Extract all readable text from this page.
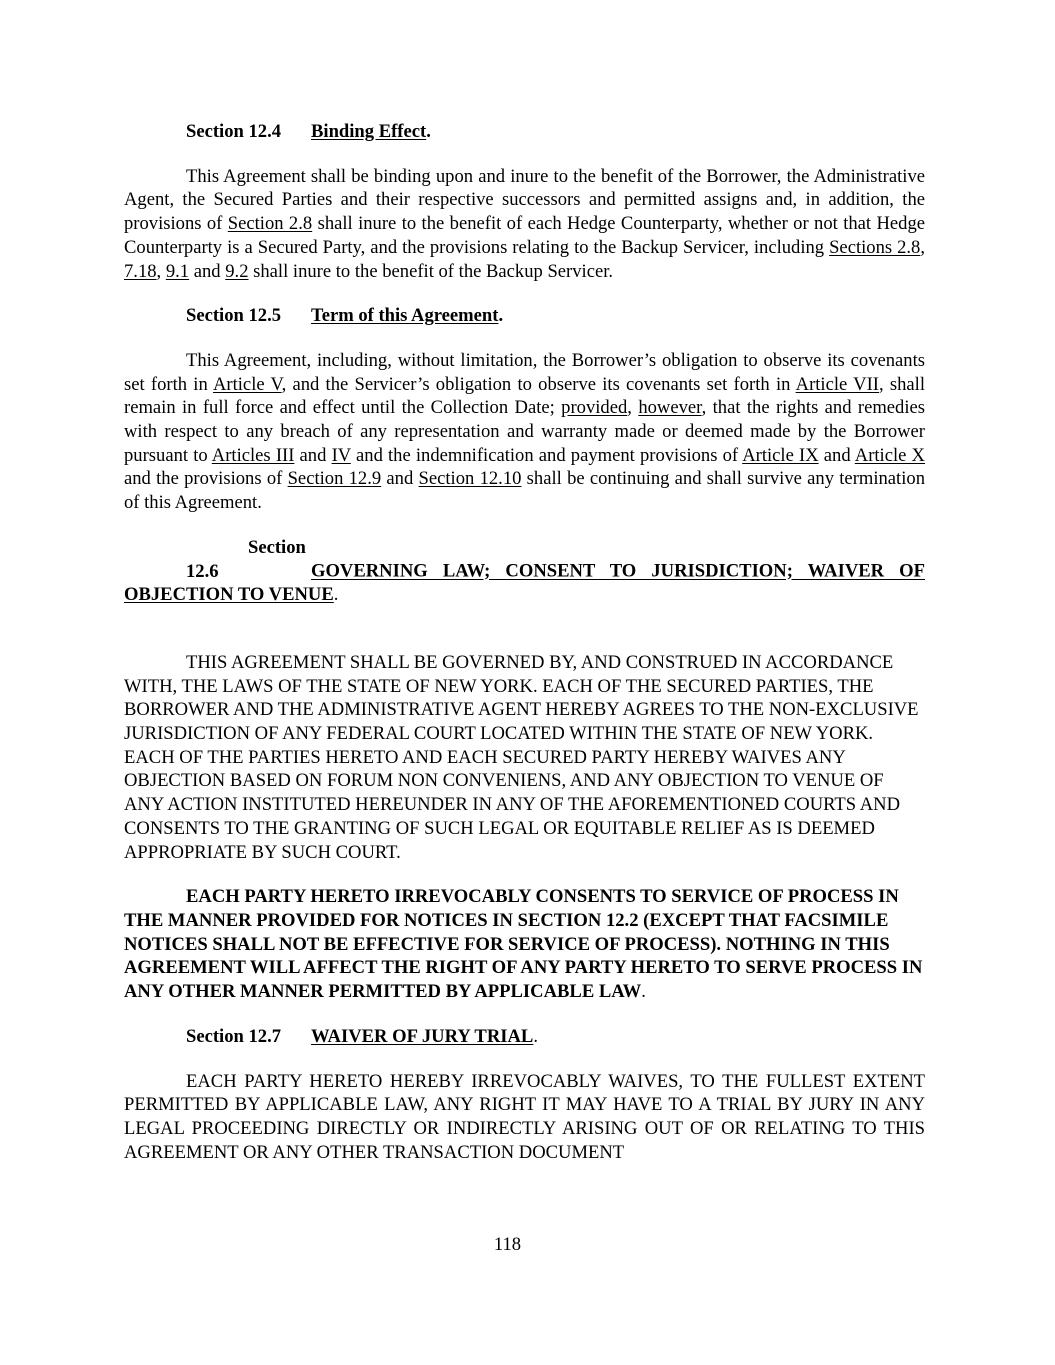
Section 12.4 Binding Effect.

This Agreement shall be binding upon and inure to the benefit of the Borrower, the Administrative Agent, the Secured Parties and their respective successors and permitted assigns and, in addition, the provisions of Section 2.8 shall inure to the benefit of each Hedge Counterparty, whether or not that Hedge Counterparty is a Secured Party, and the provisions relating to the Backup Servicer, including Sections 2.8, 7.18, 9.1 and 9.2 shall inure to the benefit of the Backup Servicer.

Section 12.5 Term of this Agreement.

This Agreement, including, without limitation, the Borrower’s obligation to observe its covenants set forth in Article V, and the Servicer’s obligation to observe its covenants set forth in Article VII, shall remain in full force and effect until the Collection Date; provided, however, that the rights and remedies with respect to any breach of any representation and warranty made or deemed made by the Borrower pursuant to Articles III and IV and the indemnification and payment provisions of Article IX and Article X and the provisions of Section 12.9 and Section 12.10 shall be continuing and shall survive any termination of this Agreement.

Section 12.6	GOVERNING LAW; CONSENT TO JURISDICTION; WAIVER OF OBJECTION TO VENUE.

THIS AGREEMENT SHALL BE GOVERNED BY, AND CONSTRUED IN ACCORDANCE WITH, THE LAWS OF THE STATE OF NEW YORK. EACH OF THE SECURED PARTIES, THE BORROWER AND THE ADMINISTRATIVE AGENT HEREBY AGREES TO THE NON-EXCLUSIVE JURISDICTION OF ANY FEDERAL COURT LOCATED WITHIN THE STATE OF NEW YORK. EACH OF THE PARTIES HERETO AND EACH SECURED PARTY HEREBY WAIVES ANY OBJECTION BASED ON FORUM NON CONVENIENS, AND ANY OBJECTION TO VENUE OF ANY ACTION INSTITUTED HEREUNDER IN ANY OF THE AFOREMENTIONED COURTS AND CONSENTS TO THE GRANTING OF SUCH LEGAL OR EQUITABLE RELIEF AS IS DEEMED APPROPRIATE BY SUCH COURT.

EACH PARTY HERETO IRREVOCABLY CONSENTS TO SERVICE OF PROCESS IN THE MANNER PROVIDED FOR NOTICES IN SECTION 12.2 (EXCEPT THAT FACSIMILE NOTICES SHALL NOT BE EFFECTIVE FOR SERVICE OF PROCESS). NOTHING IN THIS AGREEMENT WILL AFFECT THE RIGHT OF ANY PARTY HERETO TO SERVE PROCESS IN ANY OTHER MANNER PERMITTED BY APPLICABLE LAW.

Section 12.7 WAIVER OF JURY TRIAL.

EACH PARTY HERETO HEREBY IRREVOCABLY WAIVES, TO THE FULLEST EXTENT PERMITTED BY APPLICABLE LAW, ANY RIGHT IT MAY HAVE TO A TRIAL BY JURY IN ANY LEGAL PROCEEDING DIRECTLY OR INDIRECTLY ARISING OUT OF OR RELATING TO THIS AGREEMENT OR ANY OTHER TRANSACTION DOCUMENT

118
